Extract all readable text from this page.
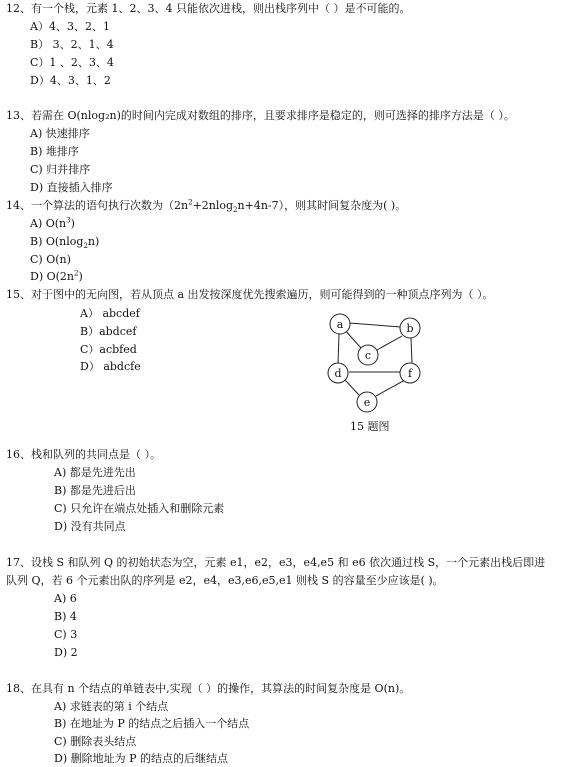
12、有一个栈，元素 1、2、3、4 只能依次进栈，则出栈序列中（ ）是不可能的。
A）4、3、2、1
B） 3、2、1、4
C）1 、2、3、4
D）4、3、1、2
13、若需在 O(nlog₂n)的时间内完成对数组的排序，且要求排序是稳定的，则可选择的排序方法是（ ）。
A) 快速排序
B) 堆排序
C) 归并排序
D) 直接插入排序
14、一个算法的语句执行次数为$(2n^2+2nlog_2n+4n-7)$，则其时间复杂度为( )。
A) $O(n^3)$
B) O(nlog$_2$n)
C) O(n)
D) $O(2n^2)$
15、对于图中的无向图，若从顶点 a 出发按深度优先搜索遍历，则可能得到的一种顶点序列为（ ）。
A） abcdef
B）abdcef
C）acbfed
D） abdcfe
a	b
c
d	f
e
15 题图
16、栈和队列的共同点是（ ）。
A) 都是先进先出
B) 都是先进后出
C) 只允许在端点处插入和删除元素
D) 没有共同点
17、设栈 S 和队列 Q 的初始状态为空，元素 e1，e2，e3，e4,e5 和 e6 依次通过栈 S，一个元素出栈后即进
队列 Q，若 6 个元素出队的序列是 e2，e4，e3,e6,e5,e1 则栈 S 的容量至少应该是( )。
A) 6
B) 4
C) 3
D) 2
18、在具有 n 个结点的单链表中,实现（ ）的操作，其算法的时间复杂度是 O(n)。
A) 求链表的第 i 个结点
B) 在地址为 P 的结点之后插入一个结点
C) 删除表头结点
D) 删除地址为 P 的结点的后继结点
